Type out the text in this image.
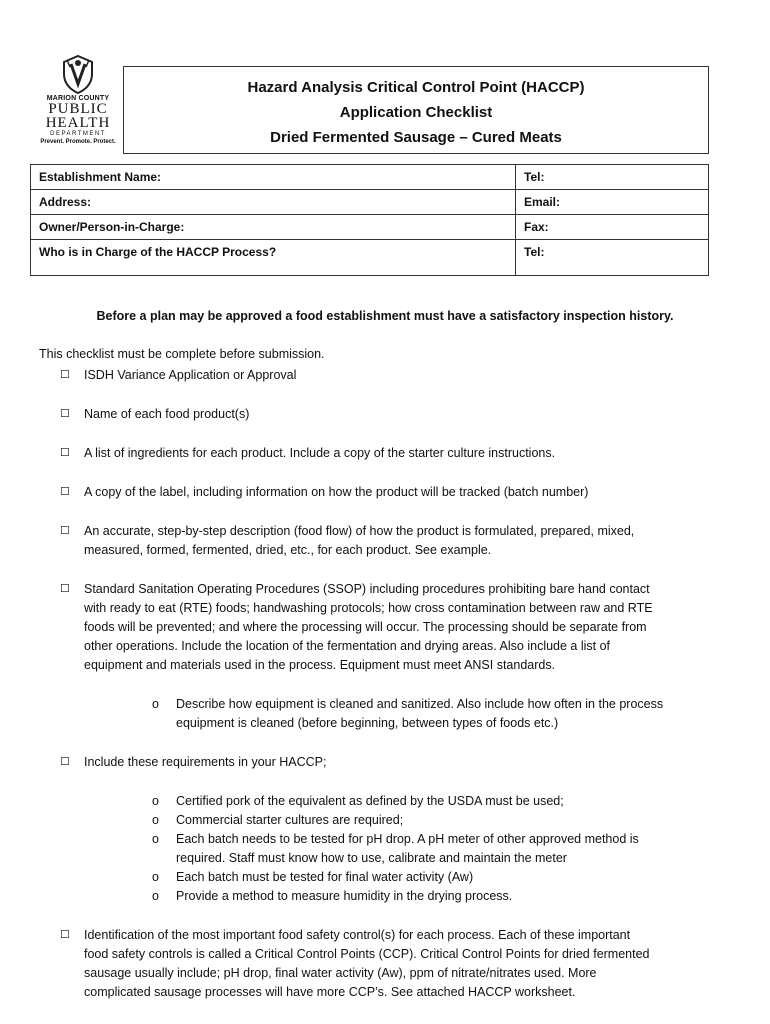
MARION COUNTY
PUBLIC
HEALTH
DEPARTMENT
Prevent. Promote. Protect.
Hazard Analysis Critical Control Point (HACCP)
Application Checklist
Dried Fermented Sausage – Cured Meats
Establishment Name:	Tel:
Address:	Email:
Owner/Person-in-Charge:	Fax:
Who is in Charge of the HACCP Process?	Tel:
Before a plan may be approved a food establishment must have a satisfactory inspection history.
This checklist must be complete before submission.
☐	ISDH Variance Application or Approval
☐	Name of each food product(s)
☐	A list of ingredients for each product. Include a copy of the starter culture instructions.
☐	A copy of the label, including information on how the product will be tracked (batch number)
☐	An accurate, step-by-step description (food flow) of how the product is formulated, prepared, mixed,
measured, formed, fermented, dried, etc., for each product. See example.
☐	Standard Sanitation Operating Procedures (SSOP) including procedures prohibiting bare hand contact
with ready to eat (RTE) foods; handwashing protocols; how cross contamination between raw and RTE
foods will be prevented; and where the processing will occur. The processing should be separate from
other operations. Include the location of the fermentation and drying areas. Also include a list of
equipment and materials used in the process. Equipment must meet ANSI standards.
o	Describe how equipment is cleaned and sanitized. Also include how often in the process
equipment is cleaned (before beginning, between types of foods etc.)
☐	Include these requirements in your HACCP;
o	Certified pork of the equivalent as defined by the USDA must be used;
o	Commercial starter cultures are required;
o	Each batch needs to be tested for pH drop. A pH meter of other approved method is
required. Staff must know how to use, calibrate and maintain the meter
o	Each batch must be tested for final water activity (Aw)
o	Provide a method to measure humidity in the drying process.
☐	Identification of the most important food safety control(s) for each process. Each of these important
food safety controls is called a Critical Control Points (CCP). Critical Control Points for dried fermented
sausage usually include; pH drop, final water activity (Aw), ppm of nitrate/nitrates used. More
complicated sausage processes will have more CCP’s. See attached HACCP worksheet.
